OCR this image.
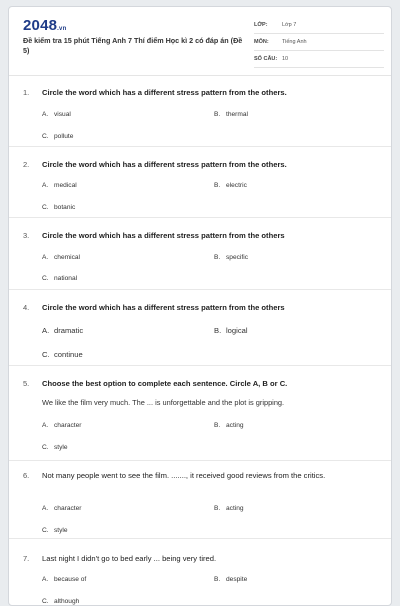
2048.vn
Đề kiểm tra 15 phút Tiếng Anh 7 Thí điểm Học kì 2 có đáp án (Đề 5)
LỚP:	Lớp 7
MÔN:	Tiếng Anh
SỐ CÂU: 10
1. Circle the word which has a different stress pattern from the others.
A. visual	B. thermal
C. pollute
2. Circle the word which has a different stress pattern from the others.
A. medical	B. electric
C. botanic
3. Circle the word which has a different stress pattern from the others
A. chemical	B. specific
C. national
4. Circle the word which has a different stress pattern from the others
A. dramatic	B. logical
C. continue
5. Choose the best option to complete each sentence. Circle A, B or C.
We like the film very much. The ... is unforgettable and the plot is gripping.
A. character	B. acting
C. style
6. Not many people went to see the film. ......., it received good reviews from the critics.
A. character	B. acting
C. style
7. Last night I didn't go to bed early ... being very tired.
A. because of	B. despite
C. although
